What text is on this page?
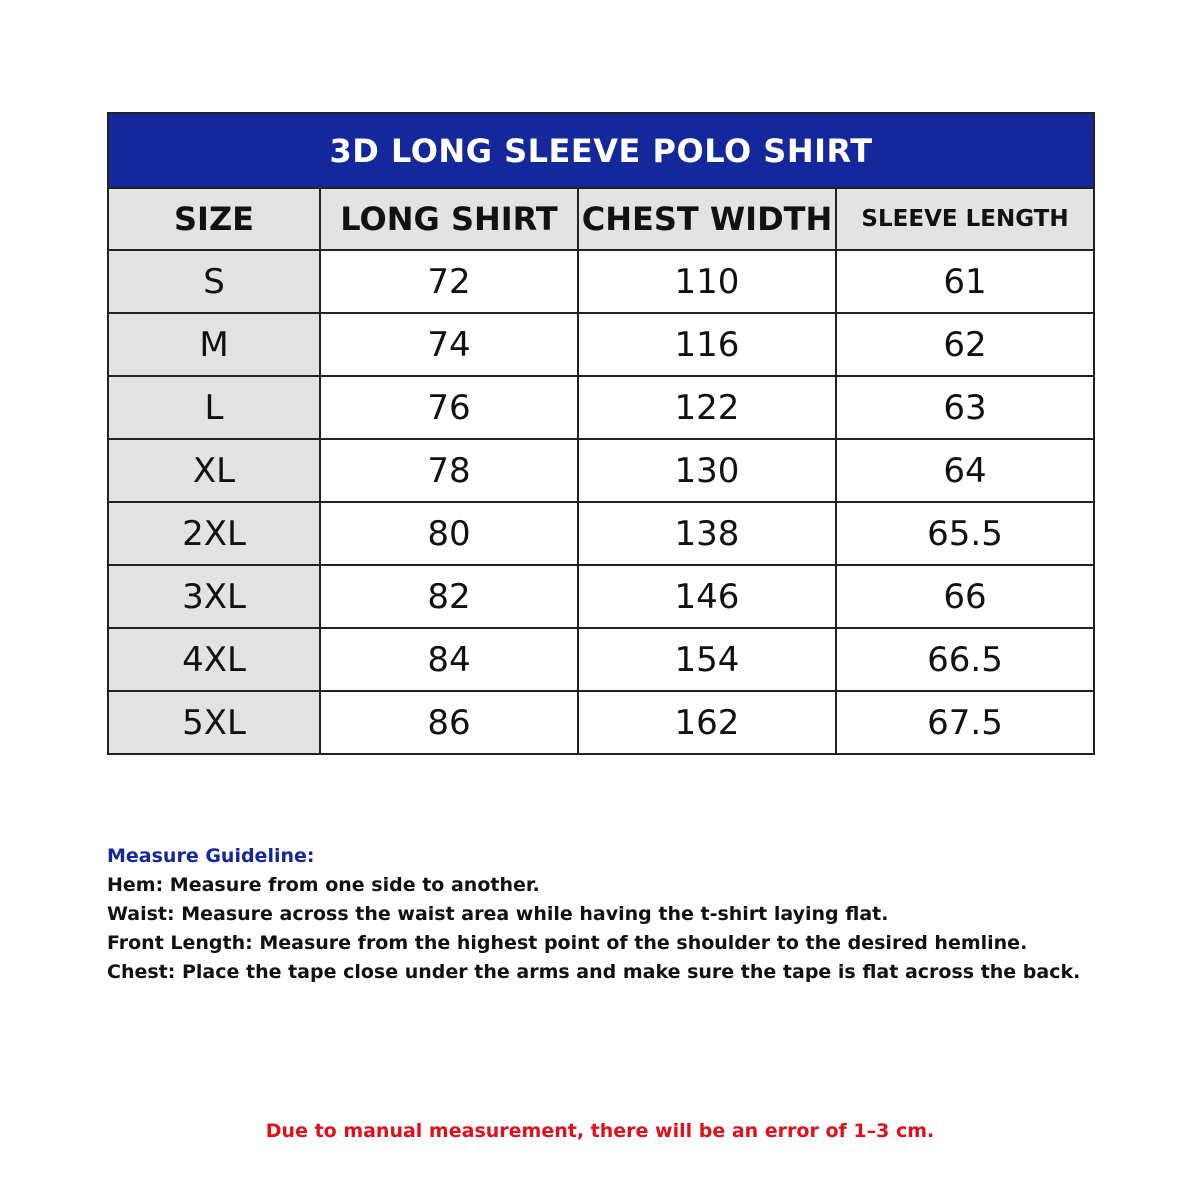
3D LONG SLEEVE POLO SHIRT			
SIZE	LONG SHIRT	CHEST WIDTH	SLEEVE LENGTH
S	72	110	61
M	74	116	62
L	76	122	63
XL	78	130	64
2XL	80	138	65.5
3XL	82	146	66
4XL	84	154	66.5
5XL	86	162	67.5
Measure Guideline:
Hem: Measure from one side to another.
Waist: Measure across the waist area while having the t-shirt laying flat.
Front Length: Measure from the highest point of the shoulder to the desired hemline.
Chest: Place the tape close under the arms and make sure the tape is flat across the back.
Due to manual measurement, there will be an error of 1–3 cm.
